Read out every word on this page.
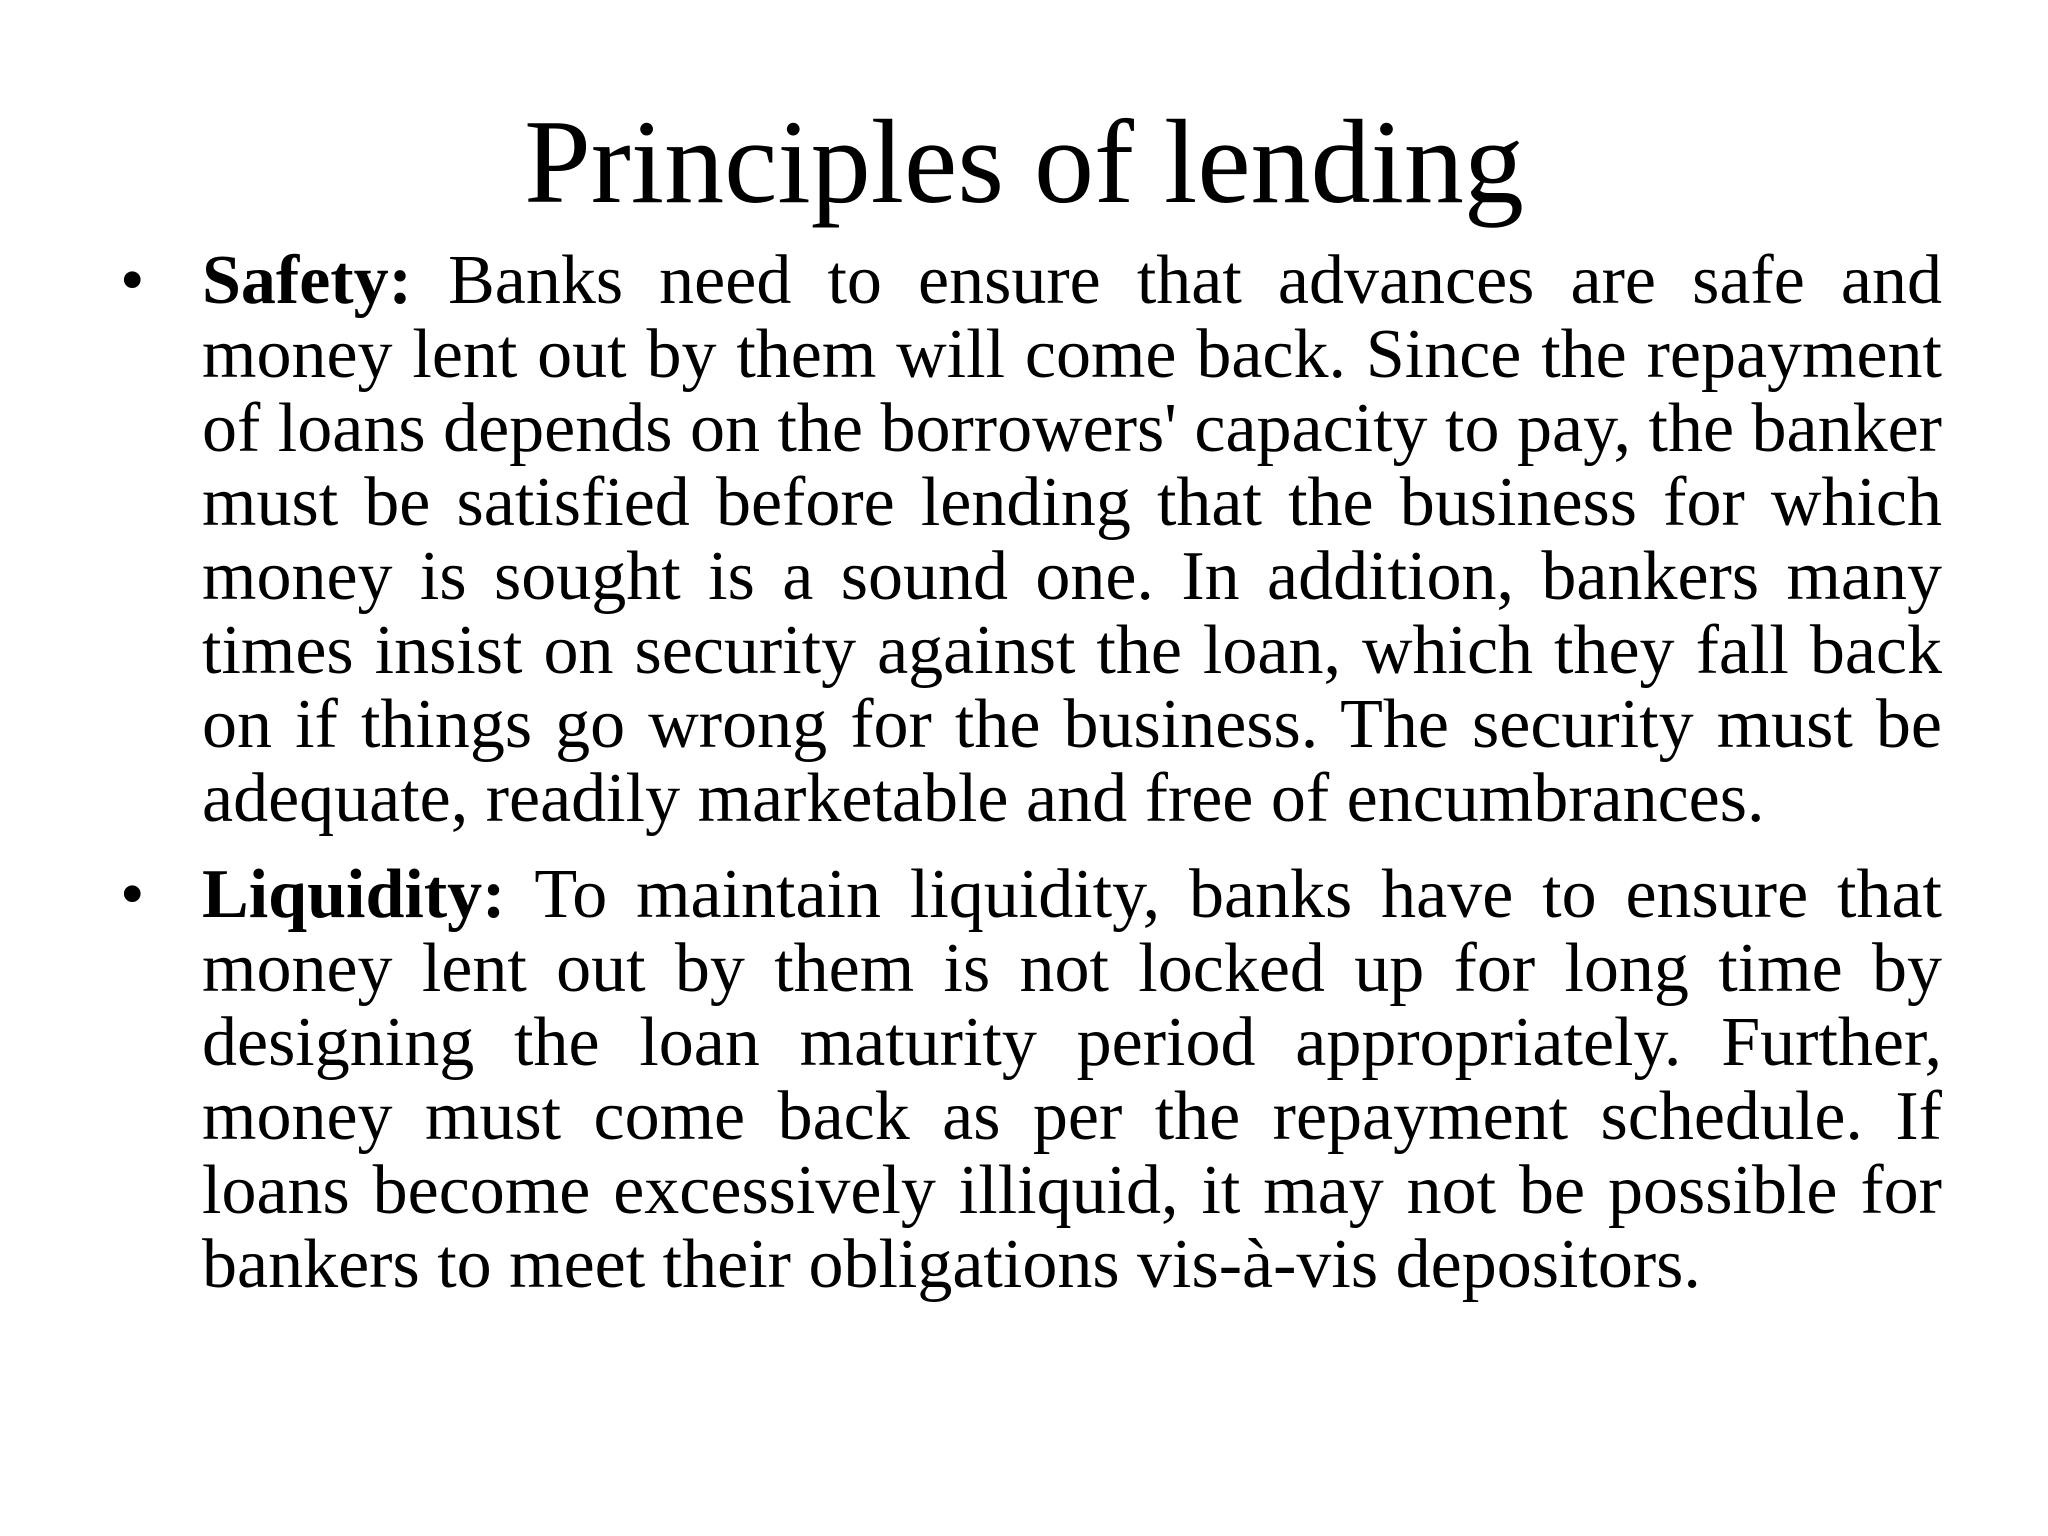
Principles of lending
• Safety: Banks need to ensure that advances are safe and money lent out by them will come back. Since the repayment of loans depends on the borrowers' capacity to pay, the banker must be satisfied before lending that the business for which money is sought is a sound one. In addition, bankers many times insist on security against the loan, which they fall back on if things go wrong for the business. The security must be adequate, readily marketable and free of encumbrances.
• Liquidity: To maintain liquidity, banks have to ensure that money lent out by them is not locked up for long time by designing the loan maturity period appropriately. Further, money must come back as per the repayment schedule. If loans become excessively illiquid, it may not be possible for bankers to meet their obligations vis-à-vis depositors.
